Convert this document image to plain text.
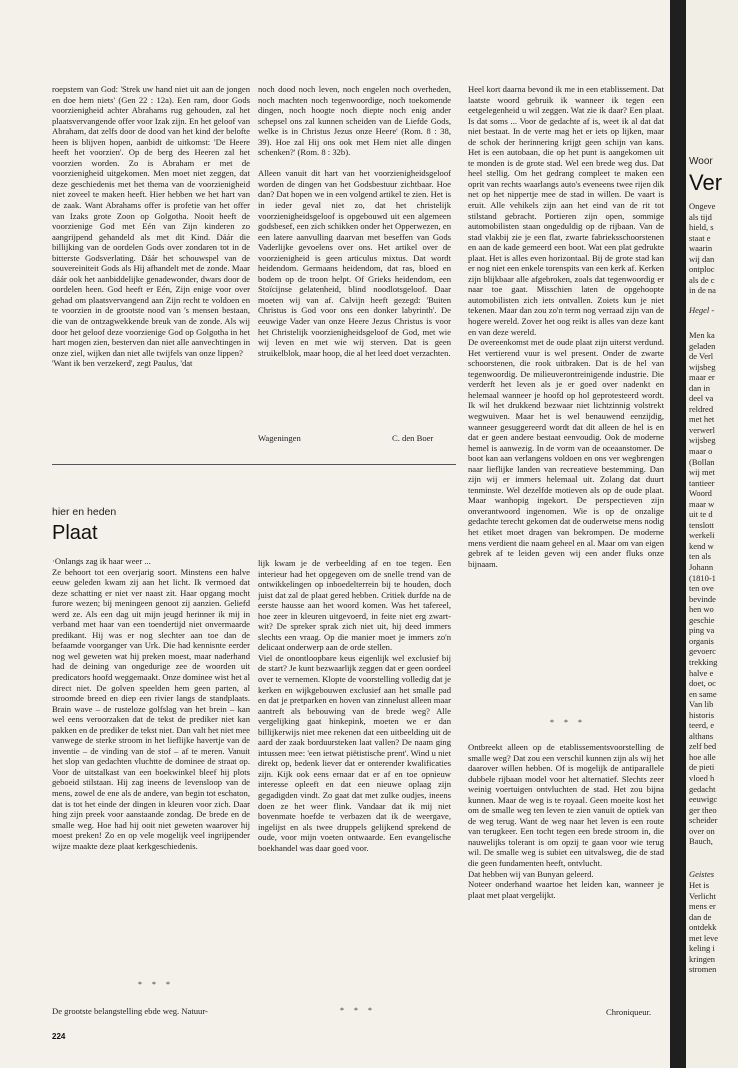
roepstem van God: 'Strek uw hand niet uit aan de jongen en doe hem niets' (Gen 22 : 12a). Een ram, door Gods voorzienigheid achter Abrahams rug gehouden, zal het plaatsvervangende offer voor Izak zijn. En het geloof van Abraham, dat zelfs door de dood van het kind der belofte heen is blijven hopen, aanbidt de uitkomst: 'De Heere heeft het voorzien'. Op de berg des Heeren zal het voorzien worden. Zo is Abraham er met de voorzienigheid uitgekomen. Men moet niet zeggen, dat deze geschiedenis met het thema van de voorzienigheid niet zoveel te maken heeft. Hier hebben we het hart van de zaak. Want Abrahams offer is profetie van het offer van Izaks grote Zoon op Golgotha. Nooit heeft de voorzienige God met Eén van Zijn kinderen zo aangrijpend gehandeld als met dit Kind. Dáár die billijking van de oordelen Gods over zondaren tot in de bitterste Godsverlating. Dáár het schouwspel van de souvereiniteit Gods als Hij afhandelt met de zonde. Maar dáár ook het aanbiddelijke genadewonder, dwars door de oordelen heen. God heeft er Eén, Zijn enige voor over gehad om plaatsvervangend aan Zijn recht te voldoen en te voorzien in de grootste nood van 's mensen bestaan, die van de ontzagwekkende breuk van de zonde. Als wij door het geloof deze voorzienige God op Golgotha in het hart mogen zien, besterven dan niet alle aanvechtingen in onze ziel, wijken dan niet alle twijfels van onze lippen?
'Want ik ben verzekerd', zegt Paulus, 'dat
noch dood noch leven, noch engelen noch overheden, noch machten noch tegenwoordige, noch toekomende dingen, noch hoogte noch diepte noch enig ander schepsel ons zal kunnen scheiden van de Liefde Gods, welke is in Christus Jezus onze Heere' (Rom. 8 : 38, 39). Hoe zal Hij ons ook met Hem niet alle dingen schenken?' (Rom. 8 : 32b).

Alleen vanuit dit hart van het voorzienigheidsgeloof worden de dingen van het Godsbestuur zichtbaar. Hoe dan? Dat hopen we in een volgend artikel te zien. Het is in ieder geval niet zo, dat het christelijk voorzienigheidsgeloof is opgebouwd uit een algemeen godsbesef, een zich schikken onder het Opperwezen, en een latere aanvulling daarvan met beseffen van Gods Vaderlijke gevoelens over ons. Het artikel over de voorzienigheid is geen articulus mixtus. Dat wordt heidendom. Germaans heidendom, dat ras, bloed en bodem op de troon helpt. Of Grieks heidendom, een Stoïcijnse gelatenheid, blind noodlotsgeloof. Daar moeten wij van af. Calvijn heeft gezegd: 'Buiten Christus is God voor ons een donker labyrinth'. De eeuwige Vader van onze Heere Jezus Christus is voor het Christelijk voorzienigheidsgeloof de God, met wie wij leven en met wie wij sterven. Dat is geen struikelblok, maar hoop, die al het leed doet verzachten.
Wageningen	C. den Boer
hier en heden
Plaat
·Onlangs zag ik haar weer ...
Ze behoort tot een overjarig soort. Minstens een halve eeuw geleden kwam zij aan het licht. Ik vermoed dat deze schatting er niet ver naast zit. Haar opgang mocht furore wezen; bij meningeen genoot zij aanzien. Geliefd werd ze. Als een dag uit mijn jeugd herinner ik mij in verband met haar van een toendertijd niet onvermaarde predikant. Hij was er nog slechter aan toe dan de befaamde voorganger van Urk. Die had kennisnte eerder nog wel geweten wat hij preken moest, maar naderhand had de deining van ongedurige zee de woorden uit predicators hoofd weggemaakt. Onze dominee wist het al direct niet. De golven speelden hem geen parten, al stroomde breed en diep een rivier langs de standplaats. Brain wave – de rusteloze golfslag van het brein – kan wel eens veroorzaken dat de tekst de prediker niet kan pakken en de prediker de tekst niet. Dan valt het niet mee vanwege de sterke stroom in het lieflijke havertje van de inventie – de vinding van de stof – af te meren. Vanuit het slop van gedachten vluchtte de dominee de straat op. Voor de uitstalkast van een boekwinkel bleef hij plots geboeid stilstaan. Hij zag ineens de levensloop van de mens, zowel de ene als de andere, van begin tot eschaton, dat is tot het einde der dingen in kleuren voor zich. Daar hing zijn preek voor aanstaande zondag. De brede en de smalle weg. Hoe had hij ooit niet geweten waarover hij moest preken! Zo en op vele mogelijk veel ingrijpender wijze maakte deze plaat kerkgeschiedenis.
* * *
De grootste belangstelling ebde weg. Natuur-
lijk kwam je de verbeelding af en toe tegen. Een interieur had het opgegeven om de snelle trend van de ontwikkelingen op inboedelterrein bij te houden, doch juist dat zal de plaat gered hebben. Critiek durfde na de eerste hausse aan het woord komen. Was het tafereel, hoe zeer in kleuren uitgevoerd, in feite niet erg zwart-wit? De spreker sprak zich niet uit, hij deed immers slechts een vraag. Op die manier moet je immers zo'n delicaat onderwerp aan de orde stellen.
Viel de onontloopbare keus eigenlijk wel exclusief bij de start? Je kunt bezwaarlijk zeggen dat er geen oordeel over te vernemen. Klopte de voorstelling volledig dat je kerken en wijkgebouwen exclusief aan het smalle pad en dat je pretparken en hoven van zinnelust alleen maar aantreft als bebouwing van de brede weg? Alle vergelijking gaat hinkepink, moeten we er dan billijkerwijs niet mee rekenen dat een uitbeelding uit de aard der zaak borduursteken laat vallen? De naam ging intussen mee: 'een ietwat piëtistische prent'. Wind u niet direkt op, bedenk liever dat er onterender kwalificaties zijn. Kijk ook eens ernaar dat er af en toe opnieuw interesse opleeft en dat een nieuwe oplaag zijn gegadigden vindt. Zo gaat dat met zulke oudjes, ineens doen ze het weer flink. Vandaar dat ik mij niet bovenmate hoefde te verbazen dat ik de weergave, ingelijst en als twee druppels gelijkend sprekend de oude, voor mijn voeten ontwaarde. Een evangelische boekhandel was daar goed voor.
* * *
Heel kort daarna bevond ik me in een etablissement. Dat laatste woord gebruik ik wanneer ik tegen een eetgelegenheid u wil zeggen. Wat zie ik daar? Een plaat. Is dat soms ... Voor de gedachte af is, weet ik al dat dat niet bestaat. In de verte mag het er iets op lijken, maar de schok der herinnering krijgt geen schijn van kans. Het is een autobaan, die op het punt is aangekomen uit te monden is de grote stad. Wel een brede weg dus. Dat heel stellig. Om het gedrang compleet te maken een oprit van rechts waarlangs auto's eveneens twee rijen dik net op het nippertje mee de stad in willen. De vaart is eruit. Alle vehikels zijn aan het eind van de rit tot stilstand gebracht. Portieren zijn open, sommige automobilisten staan ongeduldig op de rijbaan. Van de stad vlakbij zie je een flat, zwarte fabrieksschoorstenen en aan de kade gemeerd een boot. Wat een plat gedrukte plaat. Het is alles even horizontaal. Bij de grote stad kan er nog niet een enkele torenspits van een kerk af. Kerken zijn blijkbaar alle afgebroken, zoals dat tegenwoordig er naar toe gaat. Misschien laten de opgehoopte automobilisten zich iets ontvallen. Zoiets kun je niet tekenen. Maar dan zou zo'n term nog verraad zijn van de hogere wereld. Zover het oog reikt is alles van deze kant en van deze wereld.
De overeenkomst met de oude plaat zijn uiterst verdund. Het vertierend vuur is wel present. Onder de zwarte schoorstenen, die rook uitbraken. Dat is de hel van tegenwoordig. De milieuverontreinigende industrie. Die verderft het leven als je er goed over nadenkt en helemaal wanneer je hoofd op hol geprotesteerd wordt. Ik wil het drukkend bezwaar niet lichtzinnig volstrekt wegwuiven. Maar het is wel benauwend eenzijdig, wanneer gesuggereerd wordt dat dit alleen de hel is en dat er geen andere bestaat eenvoudig. Ook de moderne hemel is aanwezig. In de vorm van de oceaanstomer. De boot kan aan verlangens voldoen en ons ver wegbrengen naar lieflijke landen van recreatieve bestemming. Dan zijn wij er immers helemaal uit. Zolang dat duurt tenminste. Wel dezelfde motieven als op de oude plaat. Maar wanhopig ingekort. De perspectieven zijn onverantwoord ingenomen. Wie is op de onzalige gedachte terecht gekomen dat de ouderwetse mens nodig het etiket moet dragen van bekrompen. De moderne mens verdient die naam geheel en al. Maar om van eigen gebrek af te leiden geven wij een ander fluks onze bijnaam.
* * *
Ontbreekt alleen op de etablissementsvoorstelling de smalle weg? Dat zou een verschil kunnen zijn als wij het daarover willen hebben. Of is mogelijk de antiparallele dubbele rijbaan model voor het alternatief. Slechts zeer weinig voertuigen ontvluchten de stad. Het zou bijna kunnen. Maar de weg is te royaal. Geen moeite kost het om de smalle weg ten leven te zien vanuit de optiek van de weg terug. Want de weg naar het leven is een route van terugkeer. Een tocht tegen een brede stroom in, die nauwelijks tolerant is om opzij te gaan voor wie terug wil. De smalle weg is subiet een uitvalsweg, die de stad die geen fundamenten heeft, ontvlucht.
Dat hebben wij van Bunyan geleerd.
Noteer onderhand waartoe het leiden kan, wanneer je plaat met plaat vergelijkt.
Chroniqueur.
224
Woor
Ver
Ongeve
als tijd
hield, s
staat e
waarin
wij dan
ontploc
als de c
in de na
Hegel -
Men ka
geladen
de Verl
wijsbeg
maar er
dan in
deel va
reldred
met het
verwerl
wijsbeg
maar o
(Bollan
wij met
tantieer
Woord
maar w
uit te d
tenslott
werkeli
kend w
ten als
Johann
(1810-1
ten ove
bevinde
hen wo
geschie
ping va
organis
gevoerc
trekking
halve e
doet, oc
en same
Van lib
historis
teerd, e
althans
zelf bed
hoe alle
de pieti
vloed h
gedacht
eeuwigc
ger theo
scheider
over on
Bauch,
Geistes
Het is
Verlicht
mens er
dan de
ontdekk
met leve
keling i
kringen
stromen
